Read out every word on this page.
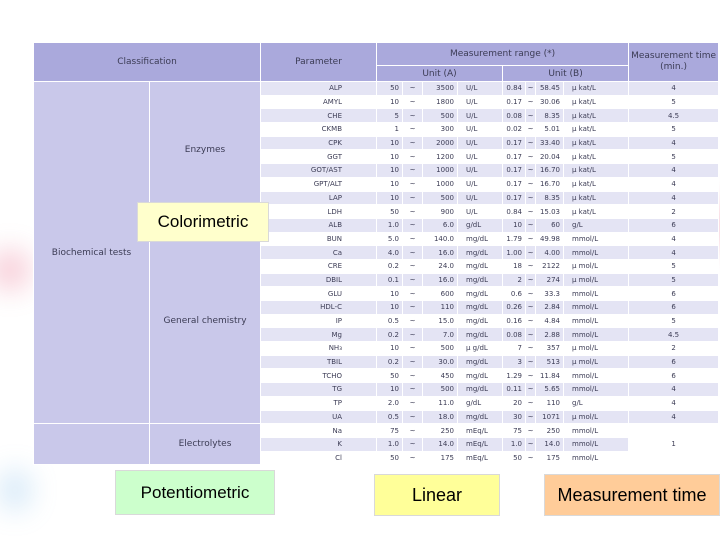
Classification		Parameter	Measurement range (*)								Measurement time (min.)
			Unit (A)				Unit (B)				
Biochemical tests	Enzymes	ALP	50	~	3500	U/L	0.84	~	58.45	μ kat/L	4
		AMYL	10	~	1800	U/L	0.17	~	30.06	μ kat/L	5
		CHE	5	~	500	U/L	0.08	~	8.35	μ kat/L	4.5
		CKMB	1	~	300	U/L	0.02	~	5.01	μ kat/L	5
		CPK	10	~	2000	U/L	0.17	~	33.40	μ kat/L	4
		GGT	10	~	1200	U/L	0.17	~	20.04	μ kat/L	5
		GOT/AST	10	~	1000	U/L	0.17	~	16.70	μ kat/L	4
		GPT/ALT	10	~	1000	U/L	0.17	~	16.70	μ kat/L	4
		LAP	10	~	500	U/L	0.17	~	8.35	μ kat/L	4
		LDH	50	~	900	U/L	0.84	~	15.03	μ kat/L	2
	General chemistry	ALB	1.0	~	6.0	g/dL	10	~	60	g/L	6
		BUN	5.0	~	140.0	mg/dL	1.79	~	49.98	mmol/L	4
		Ca	4.0	~	16.0	mg/dL	1.00	~	4.00	mmol/L	4
		CRE	0.2	~	24.0	mg/dL	18	~	2122	μ mol/L	5
		DBIL	0.1	~	16.0	mg/dL	2	~	274	μ mol/L	5
		GLU	10	~	600	mg/dL	0.6	~	33.3	mmol/L	6
		HDL-C	10	~	110	mg/dL	0.26	~	2.84	mmol/L	6
		IP	0.5	~	15.0	mg/dL	0.16	~	4.84	mmol/L	5
		Mg	0.2	~	7.0	mg/dL	0.08	~	2.88	mmol/L	4.5
		NH₃	10	~	500	μ g/dL	7	~	357	μ mol/L	2
		TBIL	0.2	~	30.0	mg/dL	3	~	513	μ mol/L	6
		TCHO	50	~	450	mg/dL	1.29	~	11.84	mmol/L	6
		TG	10	~	500	mg/dL	0.11	~	5.65	mmol/L	4
		TP	2.0	~	11.0	g/dL	20	~	110	g/L	4
		UA	0.5	~	18.0	mg/dL	30	~	1071	μ mol/L	4
	Electrolytes	Na	75	~	250	mEq/L	75	~	250	mmol/L	1
		K	1.0	~	14.0	mEq/L	1.0	~	14.0	mmol/L	
		Cl	50	~	175	mEq/L	50	~	175	mmol/L	
Colorimetric
Potentiometric	Linear	Measurement time
